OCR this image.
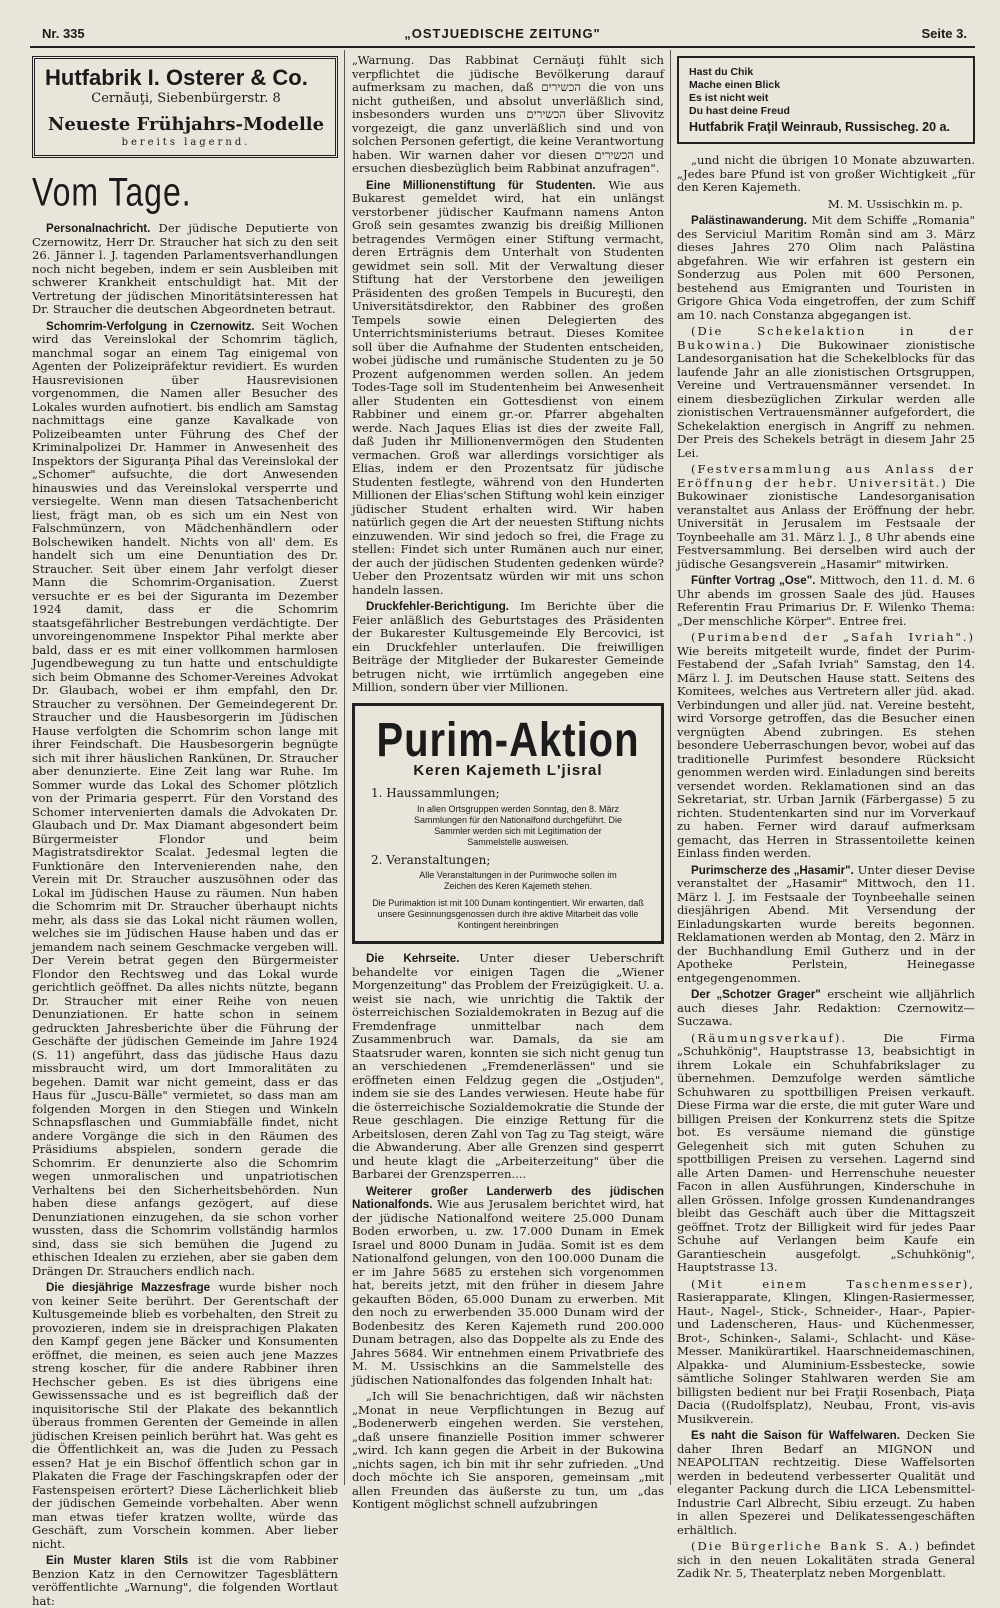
Nr. 335	„OSTJUEDISCHE ZEITUNG"	Seite 3.
Hutfabrik I. Osterer & Co.
Cernăuţi, Siebenbürgerstr. 8
Neueste Frühjahrs-Modelle
bereits lagernd.
Vom Tage.

Personalnachricht. Der jüdische Deputierte von Czernowitz, Herr Dr. Straucher hat sich zu den seit 26. Jänner l. J. tagenden Parlamentsverhandlungen noch nicht begeben, indem er sein Ausbleiben mit schwerer Krankheit entschuldigt hat. Mit der Vertretung der jüdischen Minoritätsinteressen hat Dr. Straucher die deutschen Abgeordneten betraut.

Schomrim-Verfolgung in Czernowitz. Seit Wochen wird das Vereinslokal der Schomrim täglich, manchmal sogar an einem Tag einigemal von Agenten der Polizeipräfektur revidiert. Es wurden Hausrevisionen über Hausrevisionen vorgenommen, die Namen aller Besucher des Lokales wurden aufnotiert. bis endlich am Samstag nachmittags eine ganze Kavalkade von Polizeibeamten unter Führung des Chef der Kriminalpolizei Dr. Hammer in Anwesenheit des Inspektors der Siguranţa Pihal das Vereinslokal der „Schomer" aufsuchte, die dort Anwesenden hinauswies und das Vereinslokal versperrte und versiegelte. Wenn man diesen Tatsachenbericht liest, frägt man, ob es sich um ein Nest von Falschmünzern, von Mädchenhändlern oder Bolschewiken handelt. Nichts von all' dem. Es handelt sich um eine Denuntiation des Dr. Straucher. Seit über einem Jahr verfolgt dieser Mann die Schomrim-Organisation. Zuerst versuchte er es bei der Siguranta im Dezember 1924 damit, dass er die Schomrim staatsgefährlicher Bestrebungen verdächtigte. Der unvoreingenommene Inspektor Pihal merkte aber bald, dass er es mit einer vollkommen harmlosen Jugendbewegung zu tun hatte und entschuldigte sich beim Obmanne des Schomer-Vereines Advokat Dr. Glaubach, wobei er ihm empfahl, den Dr. Straucher zu versöhnen. Der Gemeindegerent Dr. Straucher und die Hausbesorgerin im Jüdischen Hause verfolgten die Schomrim schon lange mit ihrer Feindschaft. Die Hausbesorgerin begnügte sich mit ihrer häuslichen Rankünen, Dr. Straucher aber denunzierte. Eine Zeit lang war Ruhe. Im Sommer wurde das Lokal des Schomer plötzlich von der Primaria gesperrt. Für den Vorstand des Schomer intervenierten damals die Advokaten Dr. Glaubach und Dr. Max Diamant abgesondert beim Bürgermeister Flondor und beim Magistratsdirektor Scalat. Jedesmal legten die Funktionäre den Intervenierenden nahe, den Verein mit Dr. Straucher auszusöhnen oder das Lokal im Jüdischen Hause zu räumen. Nun haben die Schomrim mit Dr. Straucher überhaupt nichts mehr, als dass sie das Lokal nicht räumen wollen, welches sie im Jüdischen Hause haben und das er jemandem nach seinem Geschmacke vergeben will. Der Verein betrat gegen den Bürgermeister Flondor den Rechtsweg und das Lokal wurde gerichtlich geöffnet. Da alles nichts nützte, begann Dr. Straucher mit einer Reihe von neuen Denunziationen. Er hatte schon in seinem gedruckten Jahresberichte über die Führung der Geschäfte der jüdischen Gemeinde im Jahre 1924 (S. 11) angeführt, dass das jüdische Haus dazu missbraucht wird, um dort Immoralitäten zu begehen. Damit war nicht gemeint, dass er das Haus für „Juscu-Bälle" vermietet, so dass man am folgenden Morgen in den Stiegen und Winkeln Schnapsflaschen und Gummiabfälle findet, nicht andere Vorgänge die sich in den Räumen des Präsidiums abspielen, sondern gerade die Schomrim. Er denunzierte also die Schomrim wegen unmoralischen und unpatriotischen Verhaltens bei den Sicherheitsbehörden. Nun haben diese anfangs gezögert, auf diese Denunziationen einzugehen, da sie schon vorher wussten, dass die Schomrim vollständig harmlos sind, dass sie sich bemühen die Jugend zu ethischen Idealen zu erziehen, aber sie gaben dem Drängen Dr. Strauchers endlich nach.

Die diesjährige Mazzesfrage wurde bisher noch von keiner Seite berührt. Der Gerentschaft der Kultusgemeinde blieb es vorbehalten, den Streit zu provozieren, indem sie in dreisprachigen Plakaten den Kampf gegen jene Bäcker und Konsumenten eröffnet, die meinen, es seien auch jene Mazzes streng koscher, für die andere Rabbiner ihren Hechscher geben. Es ist dies übrigens eine Gewissenssache und es ist begreiflich daß der inquisitorische Stil der Plakate des bekanntlich überaus frommen Gerenten der Gemeinde in allen jüdischen Kreisen peinlich berührt hat. Was geht es die Öffentlichkeit an, was die Juden zu Pessach essen? Hat je ein Bischof öffentlich schon gar in Plakaten die Frage der Faschingskrapfen oder der Fastenspeisen erörtert? Diese Lächerlichkeit blieb der jüdischen Gemeinde vorbehalten. Aber wenn man etwas tiefer kratzen wollte, würde das Geschäft, zum Vorschein kommen. Aber lieber nicht.

Ein Muster klaren Stils ist die vom Rabbiner Benzion Katz in den Cernowitzer Tagesblättern veröffentlichte „Warnung", die folgenden Wortlaut hat:

„Warnung. Das Rabbinat Cernăuţi fühlt sich verpflichtet die jüdische Bevölkerung darauf aufmerksam zu machen, daß הכשירים die von uns nicht gutheißen, und absolut unverläßlich sind, insbesonders wurden uns הכשירים über Slivovitz vorgezeigt, die ganz unverläßlich sind und von solchen Personen gefertigt, die keine Verantwortung haben. Wir warnen daher vor diesen הכשירים und ersuchen diesbezüglich beim Rabbinat anzufragen".

Eine Millionenstiftung für Studenten. Wie aus Bukarest gemeldet wird, hat ein unlängst verstorbener jüdischer Kaufmann namens Anton Groß sein gesamtes zwanzig bis dreißig Millionen betragendes Vermögen einer Stiftung vermacht, deren Erträgnis dem Unterhalt von Studenten gewidmet sein soll. Mit der Verwaltung dieser Stiftung hat der Verstorbene den jeweiligen Präsidenten des großen Tempels in Bucureşti, den Universitätsdirektor, den Rabbiner des großen Tempels sowie einen Delegierten des Unterrichtsministeriums betraut. Dieses Komitee soll über die Aufnahme der Studenten entscheiden, wobei jüdische und rumänische Studenten zu je 50 Prozent aufgenommen werden sollen. An jedem Todes-Tage soll im Studentenheim bei Anwesenheit aller Studenten ein Gottesdienst von einem Rabbiner und einem gr.-or. Pfarrer abgehalten werde. Nach Jaques Elias ist dies der zweite Fall, daß Juden ihr Millionenvermögen den Studenten vermachen. Groß war allerdings vorsichtiger als Elias, indem er den Prozentsatz für jüdische Studenten festlegte, während von den Hunderten Millionen der Elias'schen Stiftung wohl kein einziger jüdischer Student erhalten wird. Wir haben natürlich gegen die Art der neuesten Stiftung nichts einzuwenden. Wir sind jedoch so frei, die Frage zu stellen: Findet sich unter Rumänen auch nur einer, der auch der jüdischen Studenten gedenken würde? Ueber den Prozentsatz würden wir mit uns schon handeln lassen.

Druckfehler-Berichtigung. Im Berichte über die Feier anläßlich des Geburtstages des Präsidenten der Bukarester Kultusgemeinde Ely Bercovici, ist ein Druckfehler unterlaufen. Die freiwilligen Beiträge der Mitglieder der Bukarester Gemeinde betrugen nicht, wie irrtümlich angegeben eine Million, sondern über vier Millionen.

Purim-Aktion
Keren Kajemeth L'jisral
1. Haussammlungen;
In allen Ortsgruppen werden Sonntag, den 8. März Sammlungen für den Nationalfond durchgeführt. Die Sammler werden sich mit Legitimation der Sammelstelle ausweisen.
2. Veranstaltungen;
Alle Veranstaltungen in der Purimwoche sollen im Zeichen des Keren Kajemeth stehen.
Die Purimaktion ist mit 100 Dunam kontingentiert. Wir erwarten, daß unsere Gesinnungsgenossen durch ihre aktive Mitarbeit das volle Kontingent hereinbringen

Die Kehrseite. Unter dieser Ueberschrift behandelte vor einigen Tagen die „Wiener Morgenzeitung" das Problem der Freizügigkeit. U. a. weist sie nach, wie unrichtig die Taktik der österreichischen Sozialdemokraten in Bezug auf die Fremdenfrage unmittelbar nach dem Zusammenbruch war. Damals, da sie am Staatsruder waren, konnten sie sich nicht genug tun an verschiedenen „Fremdenerlässen" und sie eröffneten einen Feldzug gegen die „Ostjuden", indem sie sie des Landes verwiesen. Heute habe für die österreichische Sozialdemokratie die Stunde der Reue geschlagen. Die einzige Rettung für die Arbeitslosen, deren Zahl von Tag zu Tag steigt, wäre die Abwanderung. Aber alle Grenzen sind gesperrt und heute klagt die „Arbeiterzeitung" über die Barbarei der Grenzsperren....

Weiterer großer Landerwerb des jüdischen Nationalfonds. Wie aus Jerusalem berichtet wird, hat der jüdische Nationalfond weitere 25.000 Dunam Boden erworben, u. zw. 17.000 Dunam in Emek Israel und 8000 Dunam in Judäa. Somit ist es dem Nationalfond gelungen, von den 100.000 Dunam die er im Jahre 5685 zu erstehen sich vorgenommen hat, bereits jetzt, mit den früher in diesem Jahre gekauften Böden, 65.000 Dunam zu erwerben. Mit den noch zu erwerbenden 35.000 Dunam wird der Bodenbesitz des Keren Kajemeth rund 200.000 Dunam betragen, also das Doppelte als zu Ende des Jahres 5684. Wir entnehmen einem Privatbriefe des M. M. Ussischkins an die Sammelstelle des jüdischen Nationalfondes das folgenden Inhalt hat:

„Ich will Sie benachrichtigen, daß wir nächsten „Monat in neue Verpflichtungen in Bezug auf „Bodenerwerb eingehen werden. Sie verstehen, „daß unsere finanzielle Position immer schwerer „wird. Ich kann gegen die Arbeit in der Bukowina „nichts sagen, ich bin mit ihr sehr zufrieden. „Und doch möchte ich Sie ansporen, gemeinsam „mit allen Freunden das äußerste zu tun, um „das Kontigent möglichst schnell aufzubringen

Hast du Chik
Mache einen Blick
Es ist nicht weit
Du hast deine Freud
Hutfabrik Fraţil Weinraub, Russischeg. 20 a.

„und nicht die übrigen 10 Monate abzuwarten. „Jedes bare Pfund ist von großer Wichtigkeit „für den Keren Kajemeth.

M. M. Ussischkin m. p.

Palästinawanderung. Mit dem Schiffe „Romania" des Serviciul Maritim Român sind am 3. März dieses Jahres 270 Olim nach Palästina abgefahren. Wie wir erfahren ist gestern ein Sonderzug aus Polen mit 600 Personen, bestehend aus Emigranten und Touristen in Grigore Ghica Voda eingetroffen, der zum Schiff am 10. nach Constanza abgegangen ist.

(Die Schekelaktion in der Bukowina.) Die Bukowinaer zionistische Landesorganisation hat die Schekelblocks für das laufende Jahr an alle zionistischen Ortsgruppen, Vereine und Vertrauensmänner versendet. In einem diesbezüglichen Zirkular werden alle zionistischen Vertrauensmänner aufgefordert, die Schekelaktion energisch in Angriff zu nehmen. Der Preis des Schekels beträgt in diesem Jahr 25 Lei.

(Festversammlung aus Anlass der Eröffnung der hebr. Universität.) Die Bukowinaer zionistische Landesorganisation veranstaltet aus Anlass der Eröffnung der hebr. Universität in Jerusalem im Festsaale der Toynbeehalle am 31. März l. J., 8 Uhr abends eine Festversammlung. Bei derselben wird auch der jüdische Gesangsverein „Hasamir" mitwirken.

Fünfter Vortrag „Ose". Mittwoch, den 11. d. M. 6 Uhr abends im grossen Saale des jüd. Hauses Referentin Frau Primarius Dr. F. Wilenko Thema: „Der menschliche Körper". Entree frei.

(Purimabend der „Safah Ivriah".) Wie bereits mitgeteilt wurde, findet der Purim-Festabend der „Safah Ivriah" Samstag, den 14. März l. J. im Deutschen Hause statt. Seitens des Komitees, welches aus Vertretern aller jüd. akad. Verbindungen und aller jüd. nat. Vereine besteht, wird Vorsorge getroffen, das die Besucher einen vergnügten Abend zubringen. Es stehen besondere Ueberraschungen bevor, wobei auf das traditionelle Purimfest besondere Rücksicht genommen werden wird. Einladungen sind bereits versendet worden. Reklamationen sind an das Sekretariat, str. Urban Jarnik (Färbergasse) 5 zu richten. Studentenkarten sind nur im Vorverkauf zu haben. Ferner wird darauf aufmerksam gemacht, das Herren in Strassentoilette keinen Einlass finden werden.

Purimscherze des „Hasamir". Unter dieser Devise veranstaltet der „Hasamir" Mittwoch, den 11. März l. J. im Festsaale der Toynbeehalle seinen diesjährigen Abend. Mit Versendung der Einladungskarten wurde bereits begonnen. Reklamationen werden ab Montag, den 2. März in der Buchhandlung Emil Gutherz und in der Apotheke Perlstein, Heinegasse entgegengenommen.

Der „Schotzer Grager" erscheint wie alljährlich auch dieses Jahr. Redaktion: Czernowitz—Suczawa.

(Räumungsverkauf).	Die Firma „Schuhkönig", Hauptstrasse 13, beabsichtigt in ihrem Lokale ein Schuhfabrikslager zu übernehmen. Demzufolge werden sämtliche Schuhwaren zu spottbilligen Preisen verkauft. Diese Firma war die erste, die mit guter Ware und billigen Preisen der Konkurrenz stets die Spitze bot. Es versäume niemand die günstige Gelegenheit sich mit guten Schuhen zu spottbilligen Preisen zu versehen. Lagernd sind alle Arten Damen- und Herrenschuhe neuester Facon in allen Ausführungen, Kinderschuhe in allen Grössen. Infolge grossen Kundenandranges bleibt das Geschäft auch über die Mittagszeit geöffnet. Trotz der Billigkeit wird für jedes Paar Schuhe auf Verlangen beim Kaufe ein Garantieschein ausgefolgt. „Schuhkönig", Hauptstrasse 13.

(Mit einem Taschenmesser), Rasierapparate, Klingen, Klingen-Rasiermesser, Haut-, Nagel-, Stick-, Schneider-, Haar-, Papier- und Ladenscheren, Haus- und Küchenmesser, Brot-, Schinken-, Salami-, Schlacht- und Käse-Messer. Manikürartikel. Haarschneidemaschinen, Alpakka- und Aluminium-Essbestecke, sowie sämtliche Solinger Stahlwaren werden Sie am billigsten bedient nur bei Fraţii Rosenbach, Piaţa Dacia ((Rudolfsplatz), Neubau, Front, vis-avis Musikverein.

Es naht die Saison für Waffelwaren. Decken Sie daher Ihren Bedarf an MIGNON und NEAPOLITAN rechtzeitig. Diese Waffelsorten werden in bedeutend verbesserter Qualität und eleganter Packung durch die LICA Lebensmittel-Industrie Carl Albrecht, Sibiu erzeugt. Zu haben in allen Spezerei und Delikatessengeschäften erhältlich.

(Die Bürgerliche Bank S. A.) befindet sich in den neuen Lokalitäten strada General Zadik Nr. 5, Theaterplatz neben Morgenblatt.
